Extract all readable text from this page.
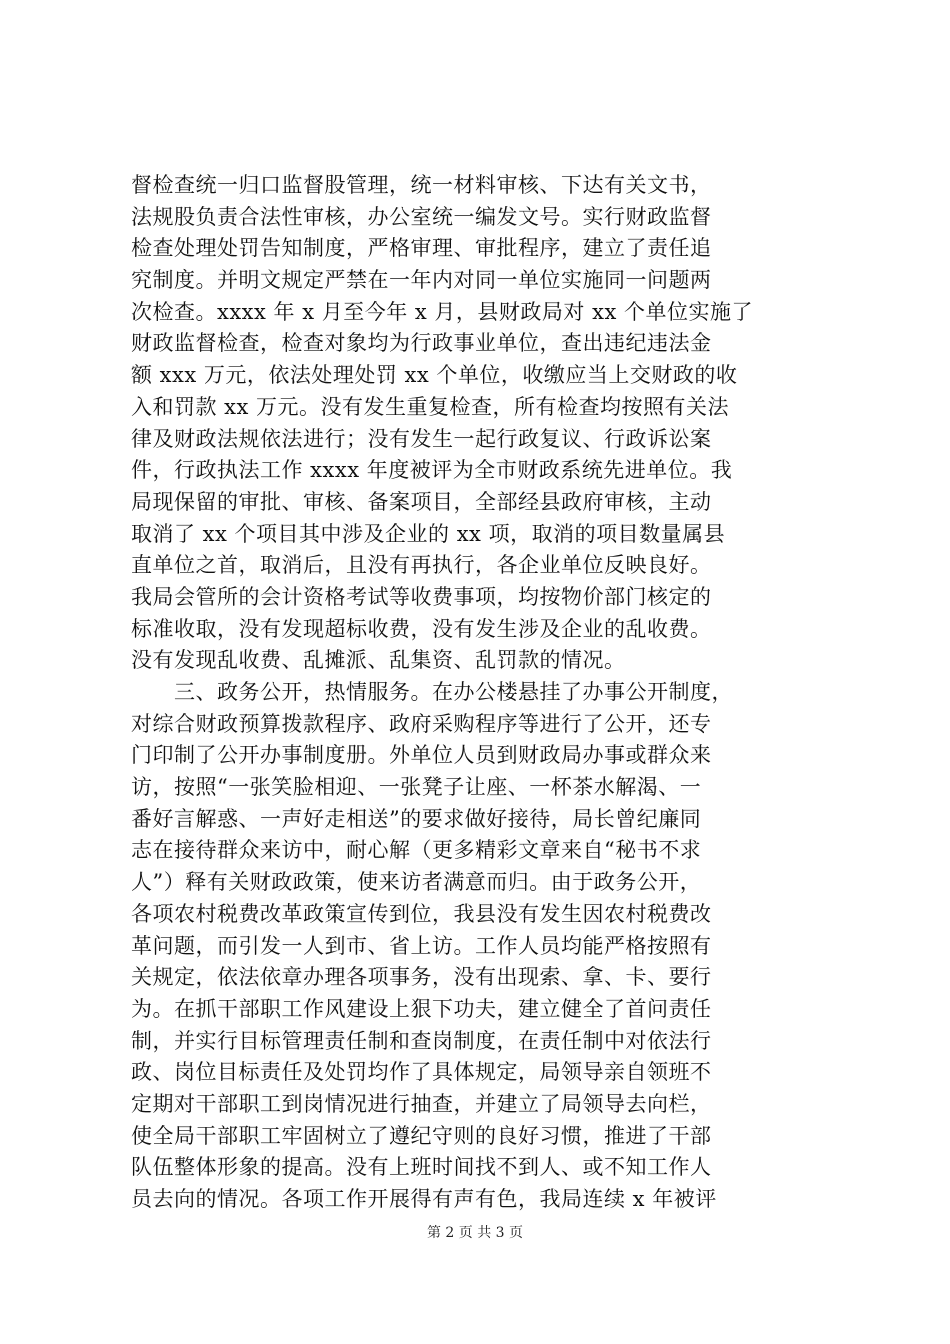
督检查统一归口监督股管理，统一材料审核、下达有关文书，
法规股负责合法性审核，办公室统一编发文号。实行财政监督
检查处理处罚告知制度，严格审理、审批程序，建立了责任追
究制度。并明文规定严禁在一年内对同一单位实施同一问题两
次检查。xxxx 年 x 月至今年 x 月，县财政局对 xx 个单位实施了
财政监督检查，检查对象均为行政事业单位，查出违纪违法金
额 xxx 万元，依法处理处罚 xx 个单位，收缴应当上交财政的收
入和罚款 xx 万元。没有发生重复检查，所有检查均按照有关法
律及财政法规依法进行；没有发生一起行政复议、行政诉讼案
件，行政执法工作 xxxx 年度被评为全市财政系统先进单位。我
局现保留的审批、审核、备案项目，全部经县政府审核，主动
取消了 xx 个项目其中涉及企业的 xx 项，取消的项目数量属县
直单位之首，取消后，且没有再执行，各企业单位反映良好。
我局会管所的会计资格考试等收费事项，均按物价部门核定的
标准收取，没有发现超标收费，没有发生涉及企业的乱收费。
没有发现乱收费、乱摊派、乱集资、乱罚款的情况。
　　三、政务公开，热情服务。在办公楼悬挂了办事公开制度，
对综合财政预算拨款程序、政府采购程序等进行了公开，还专
门印制了公开办事制度册。外单位人员到财政局办事或群众来
访，按照“一张笑脸相迎、一张凳子让座、一杯茶水解渴、一
番好言解惑、一声好走相送”的要求做好接待，局长曾纪廉同
志在接待群众来访中，耐心解（更多精彩文章来自“秘书不求
人”）释有关财政政策，使来访者满意而归。由于政务公开，
各项农村税费改革政策宣传到位，我县没有发生因农村税费改
革问题，而引发一人到市、省上访。工作人员均能严格按照有
关规定，依法依章办理各项事务，没有出现索、拿、卡、要行
为。在抓干部职工作风建设上狠下功夫，建立健全了首问责任
制，并实行目标管理责任制和查岗制度，在责任制中对依法行
政、岗位目标责任及处罚均作了具体规定，局领导亲自领班不
定期对干部职工到岗情况进行抽查，并建立了局领导去向栏，
使全局干部职工牢固树立了遵纪守则的良好习惯，推进了干部
队伍整体形象的提高。没有上班时间找不到人、或不知工作人
员去向的情况。各项工作开展得有声有色，我局连续 x 年被评
第 2 页 共 3 页
